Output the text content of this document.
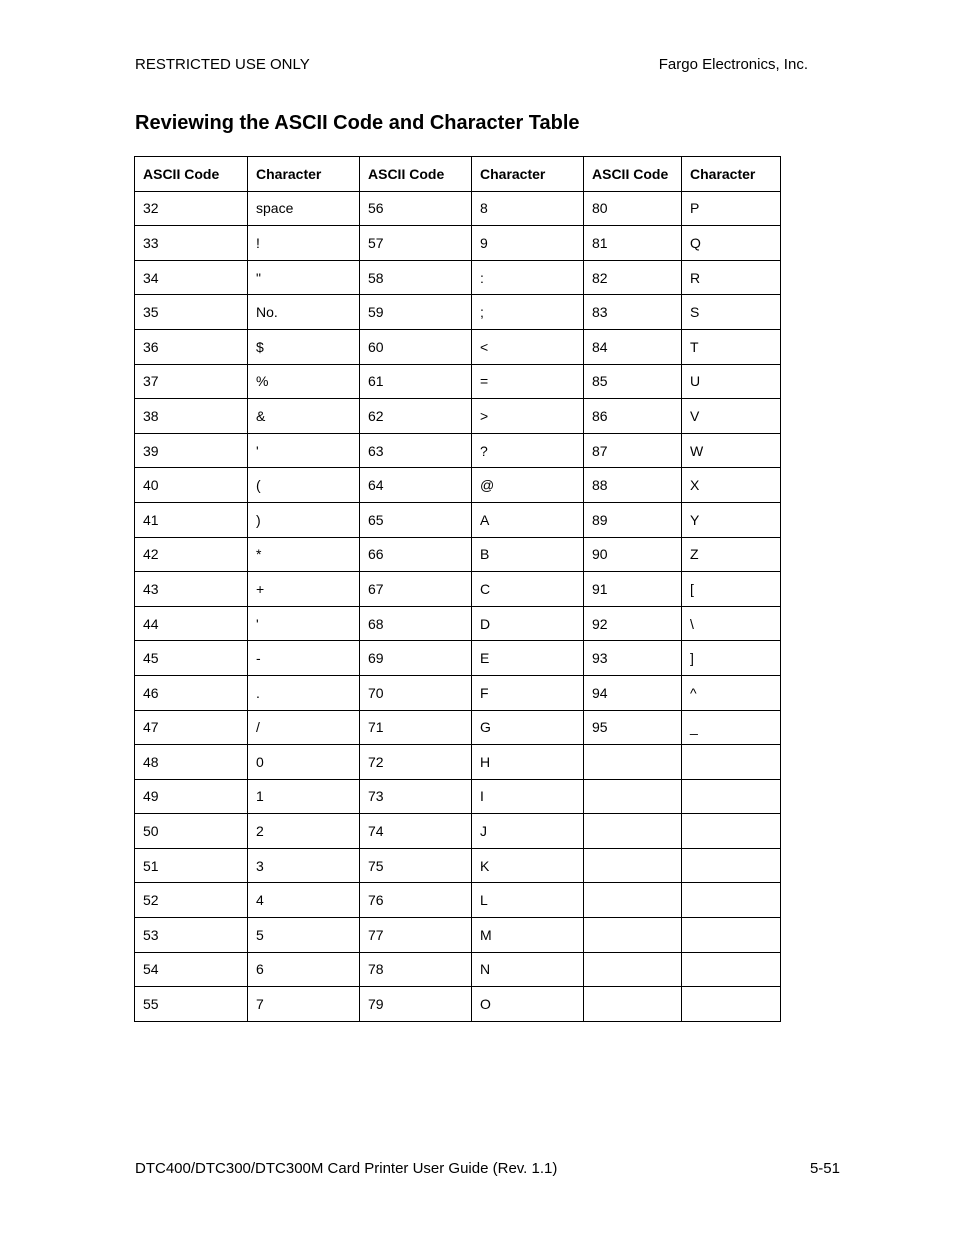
RESTRICTED USE ONLY	Fargo Electronics, Inc.
Reviewing the ASCII Code and Character Table
ASCII Code	Character	ASCII Code	Character	ASCII Code	Character
32	space	56	8	80	P
33	!	57	9	81	Q
34	"	58	:	82	R
35	No.	59	;	83	S
36	$	60	<	84	T
37	%	61	=	85	U
38	&	62	>	86	V
39	'	63	?	87	W
40	(	64	@	88	X
41	)	65	A	89	Y
42	*	66	B	90	Z
43	+	67	C	91	[
44	'	68	D	92	\
45	-	69	E	93	]
46	.	70	F	94	^
47	/	71	G	95	_
48	0	72	H		
49	1	73	I		
50	2	74	J		
51	3	75	K		
52	4	76	L		
53	5	77	M		
54	6	78	N		
55	7	79	O		
DTC400/DTC300/DTC300M Card Printer User Guide (Rev. 1.1)	5-51
